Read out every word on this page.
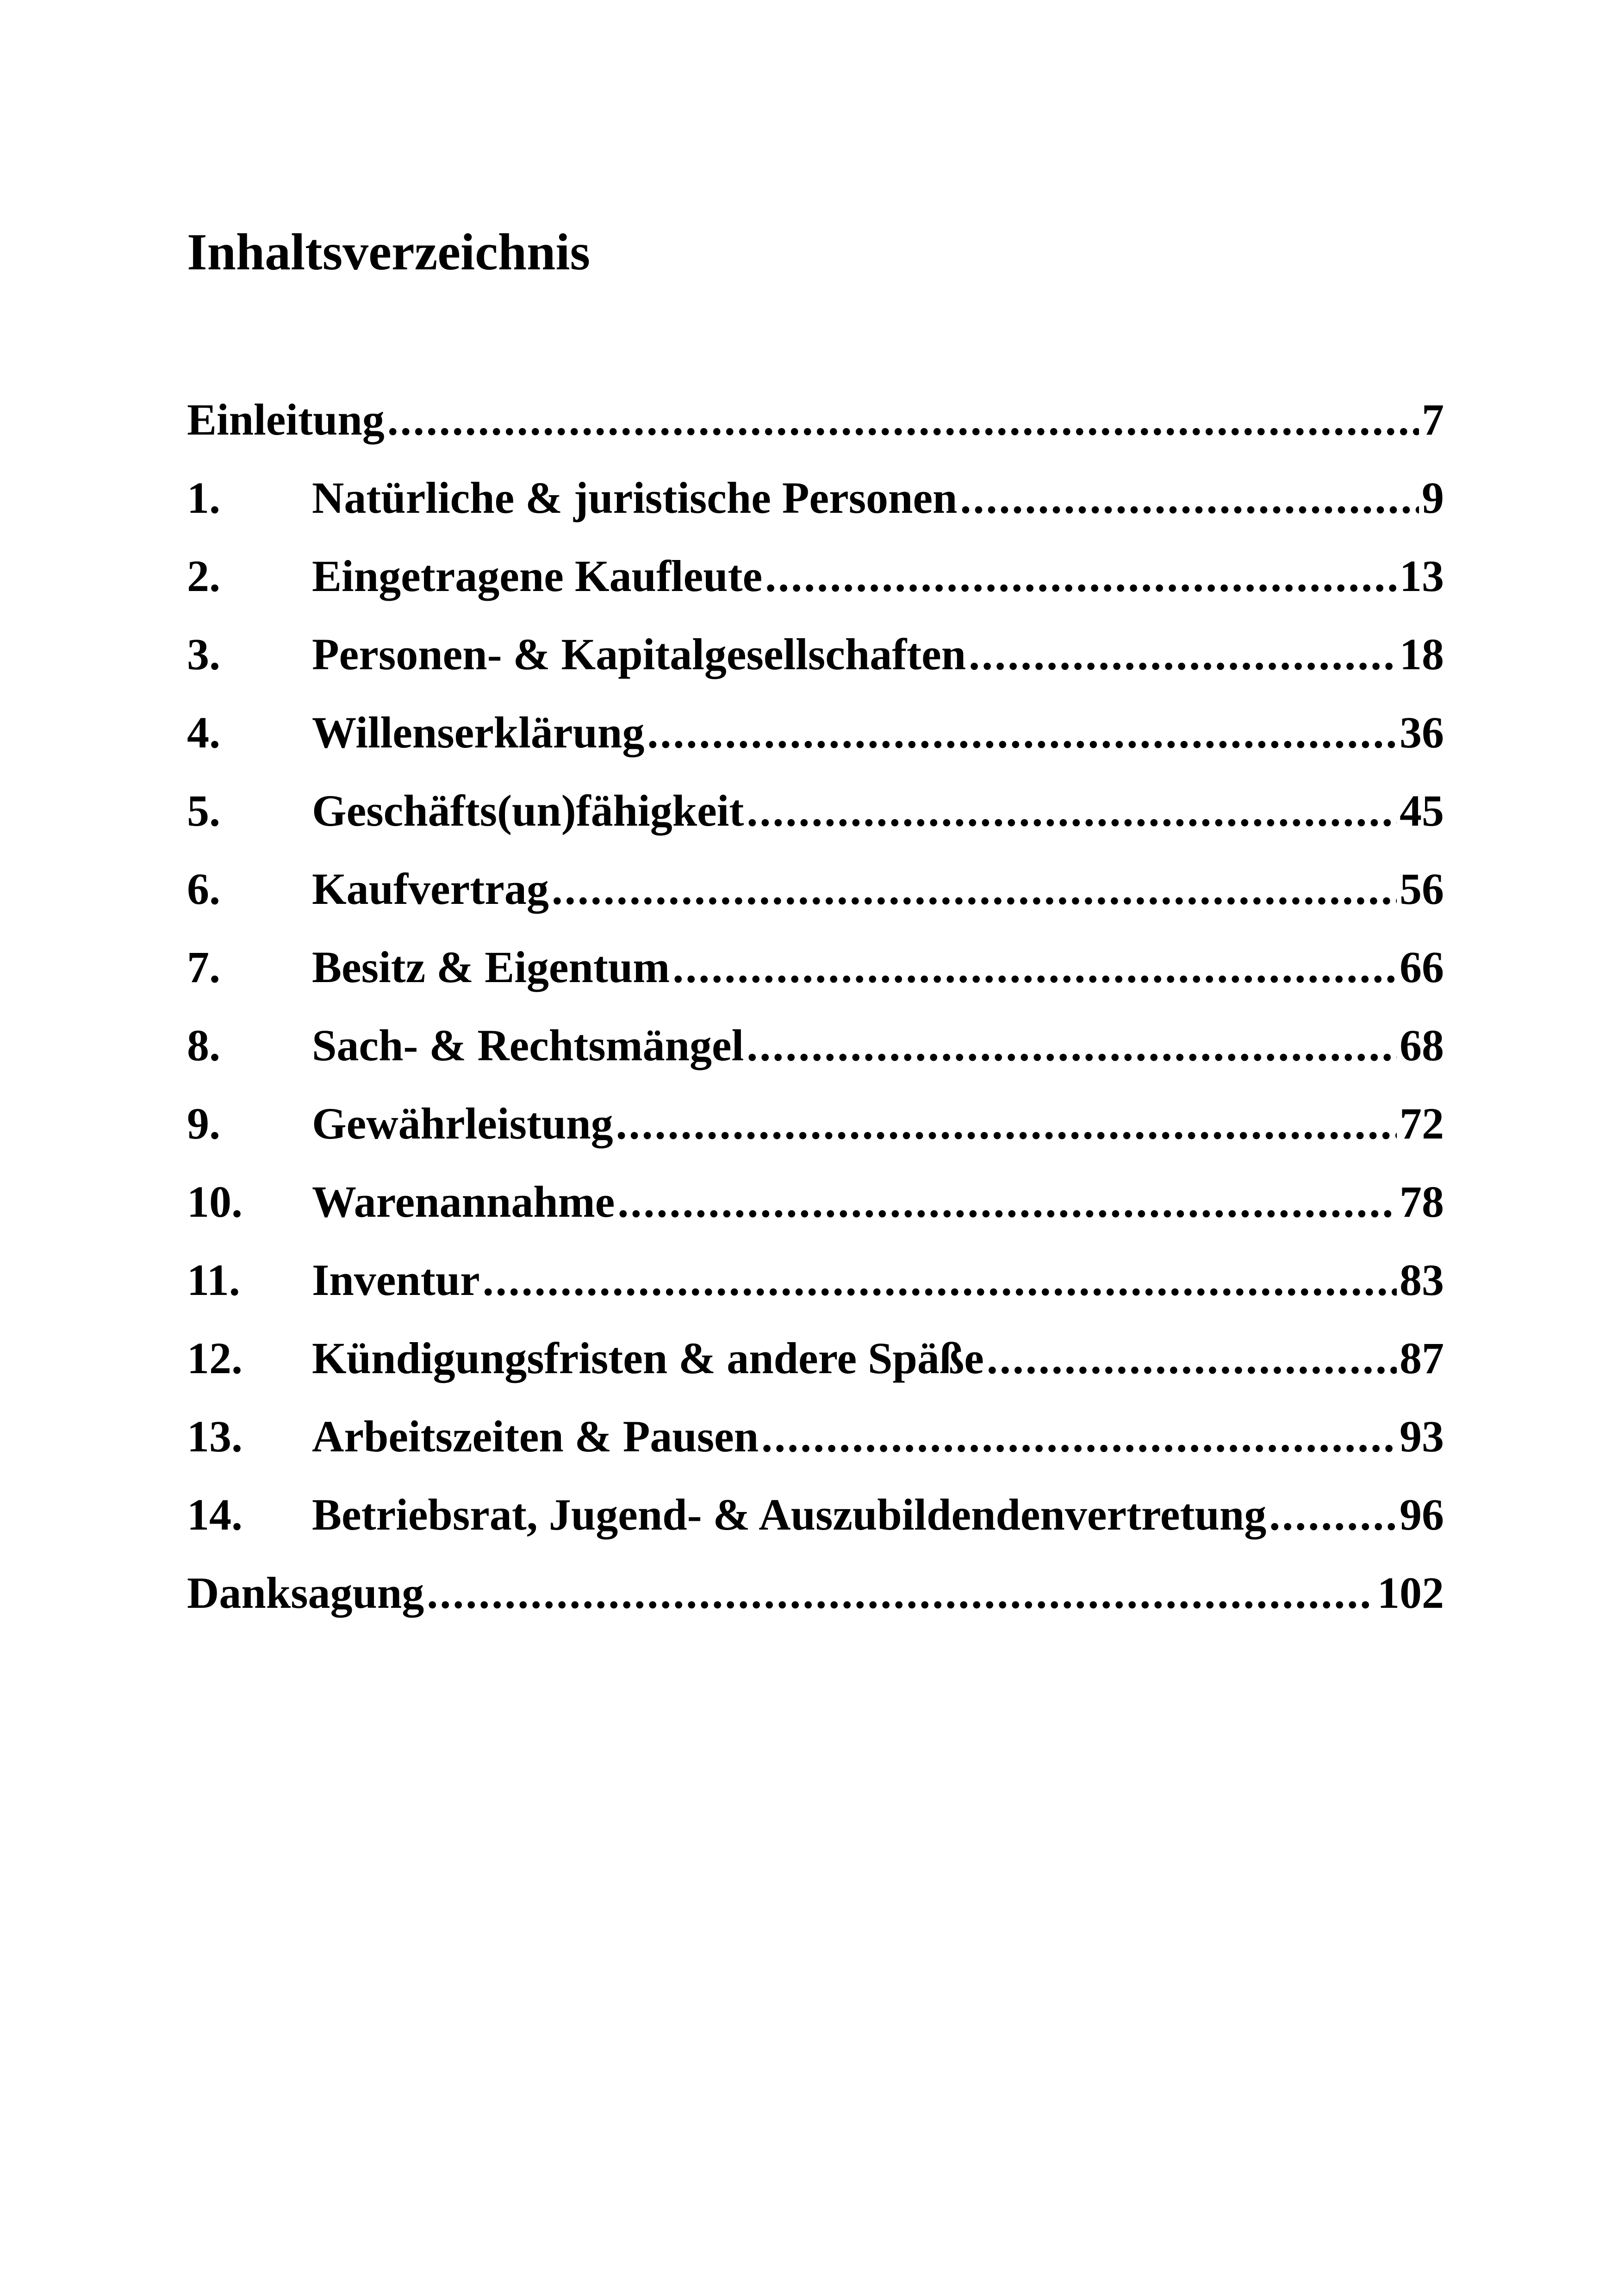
Inhaltsverzeichnis
Einleitung .....	7
1.	Natürliche & juristische Personen .....	9
2.	Eingetragene Kaufleute .....	13
3.	Personen- & Kapitalgesellschaften .....	18
4.	Willenserklärung .....	36
5.	Geschäfts(un)fähigkeit .....	45
6.	Kaufvertrag .....	56
7.	Besitz & Eigentum .....	66
8.	Sach- & Rechtsmängel .....	68
9.	Gewährleistung .....	72
10.	Warenannahme .....	78
11.	Inventur .....	83
12.	Kündigungsfristen & andere Späße .....	87
13.	Arbeitszeiten & Pausen .....	93
14.	Betriebsrat, Jugend- & Auszubildendenvertretung .....	96
Danksagung .....	102
